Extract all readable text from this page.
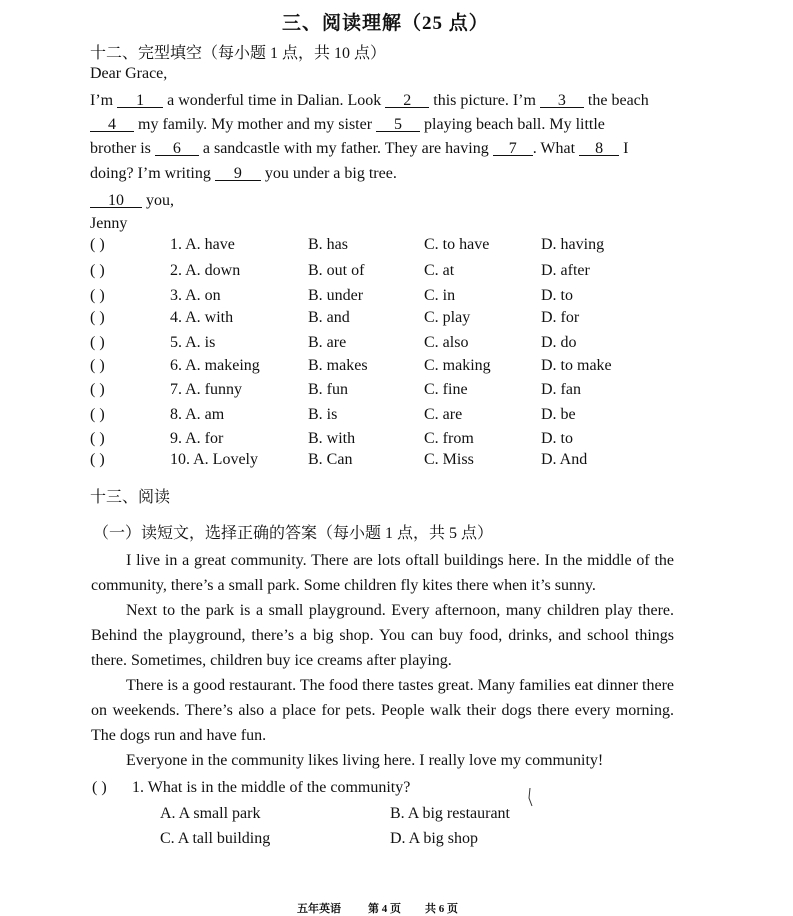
三、阅读理解（25 点）
十二、完型填空（每小题 1 点，共 10 点）
Dear Grace,
I’m 1 a wonderful time in Dalian. Look 2 this picture. I’m 3 the beach
4 my family. My mother and my sister 5 playing beach ball. My little
brother is 6 a sandcastle with my father. They are having 7 . What 8 I
doing? I’m writing 9 you under a big tree.
10 you,
Jenny
( )	1. A. have	B. has	C. to have	D. having
( )	2. A. down	B. out of	C. at	D. after
( )	3. A. on	B. under	C. in	D. to
( )	4. A. with	B. and	C. play	D. for
( )	5. A. is	B. are	C. also	D. do
( )	6. A. makeing	B. makes	C. making	D. to make
( )	7. A. funny	B. fun	C. fine	D. fan
( )	8. A. am	B. is	C. are	D. be
( )	9. A. for	B. with	C. from	D. to
( )	10. A. Lovely	B. Can	C. Miss	D. And
十三、阅读
（一）读短文，选择正确的答案（每小题 1 点，共 5 点）

I live in a great community. There are lots oftall buildings here. In the middle of the community, there’s a small park. Some children fly kites there when it’s sunny.

Next to the park is a small playground. Every afternoon, many children play there. Behind the playground, there’s a big shop. You can buy food, drinks, and school things there. Sometimes, children buy ice creams after playing.

There is a good restaurant. The food there tastes great. Many families eat dinner there on weekends. There’s also a place for pets. People walk their dogs there every morning. The dogs run and have fun.

Everyone in the community likes living here. I really love my community!

( ) 1. What is in the middle of the community?
A. A small park	B. A big restaurant
C. A tall building	D. A big shop
五年英语 第 4 页 共 6 页
